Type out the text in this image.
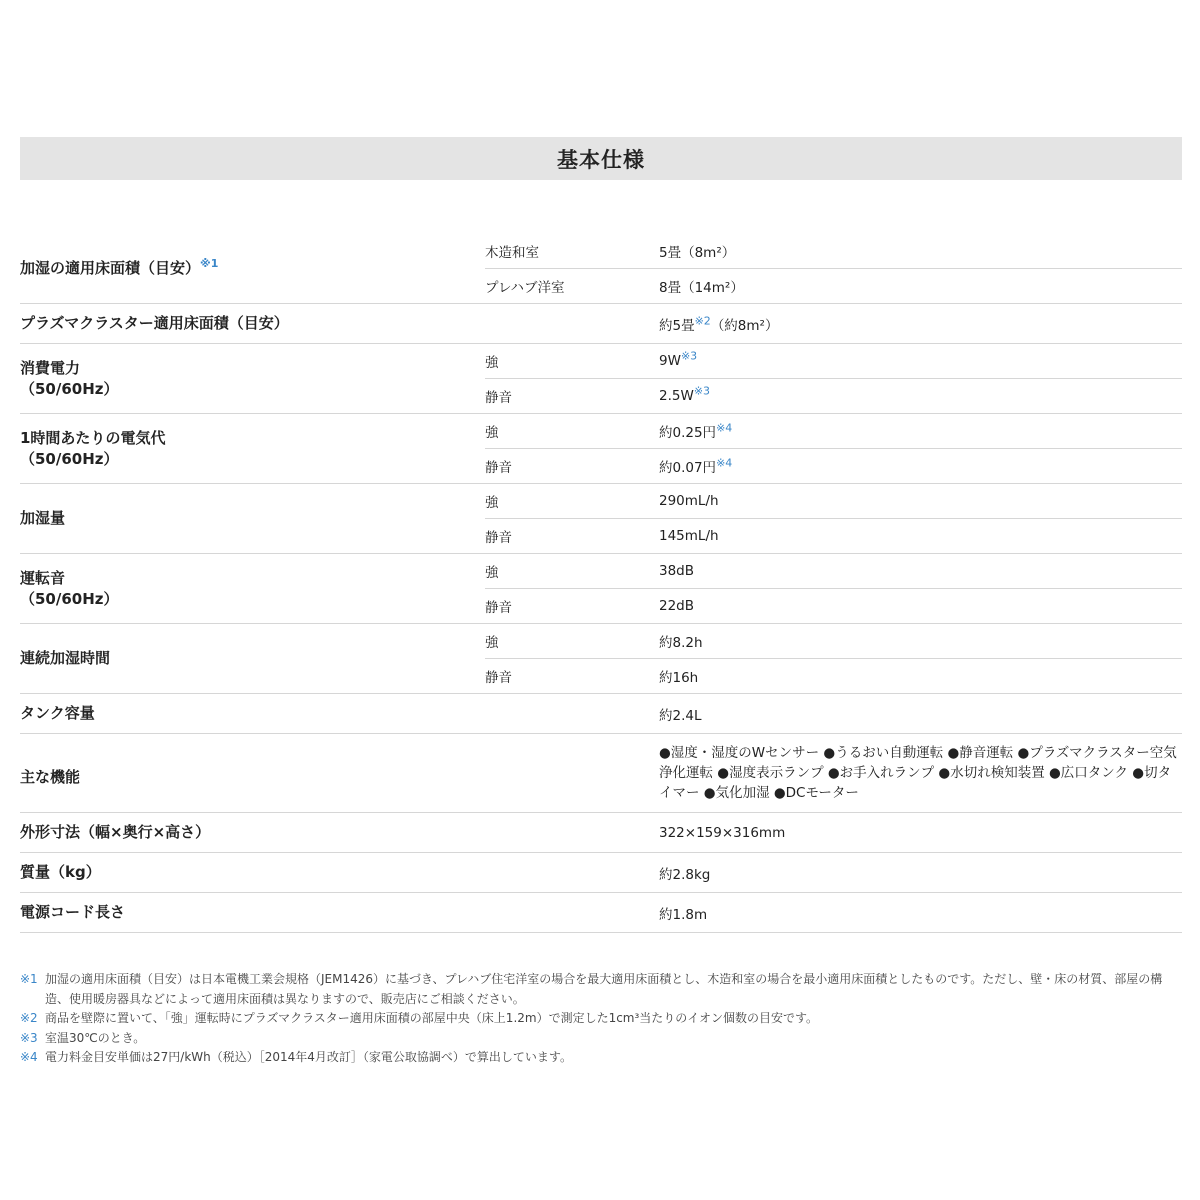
基本仕様
加湿の適用床面積（目安）$^{※1}$	木造和室	5畳（8m²）
	プレハブ洋室	8畳（14m²）
プラズマクラスター適用床面積（目安）		約5畳$^{※2}$（約8m²）

消費電力
（50/60Hz）	強	9W$^{※3}$
	静音	2.5W$^{※3}$

1時間あたりの電気代
（50/60Hz）	強	約0.25円$^{※4}$
	静音	約0.07円$^{※4}$
加湿量	強	290mL/h
	静音	145mL/h

運転音
（50/60Hz）	強	38dB
	静音	22dB
連続加湿時間	強	約8.2h
	静音	約16h
タンク容量		約2.4L
主な機能		●湿度・湿度のWセンサー ●うるおい自動運転 ●静音運転 ●プラズマクラスター空気浄化運転 ●湿度表示ランプ ●お手入れランプ ●水切れ検知装置 ●広口タンク ●切タイマー ●気化加湿 ●DCモーター
外形寸法（幅×奥行×高さ）		322×159×316mm
質量（kg）		約2.8kg
電源コード長さ		約1.8m
※1 加湿の適用床面積（目安）は日本電機工業会規格（JEM1426）に基づき、プレハブ住宅洋室の場合を最大適用床面積とし、木造和室の場合を最小適用床面積としたものです。ただし、壁・床の材質、部屋の構造、使用暖房器具などによって適用床面積は異なりますので、販売店にご相談ください。
※2 商品を壁際に置いて、「強」運転時にプラズマクラスター適用床面積の部屋中央（床上1.2m）で測定した1cm³当たりのイオン個数の目安です。
※3 室温30℃のとき。
※4 電力料金目安単価は27円/kWh（税込）［2014年4月改訂］（家電公取協調べ）で算出しています。
